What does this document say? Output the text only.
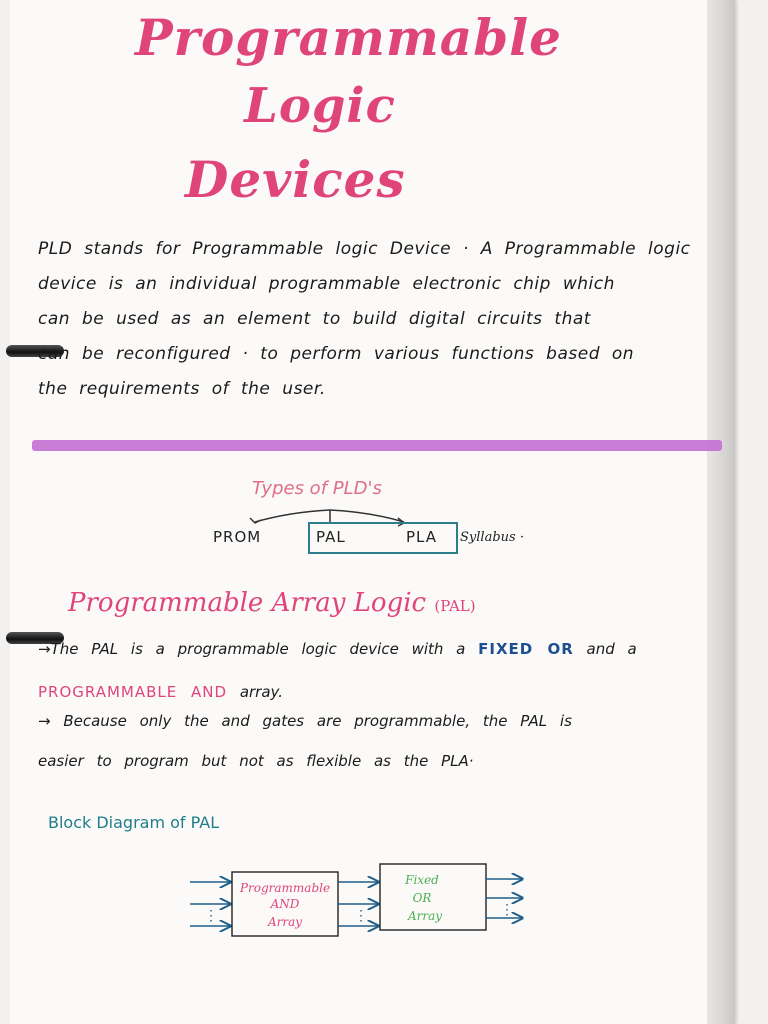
Programmable
Logic
Devices
PLD stands for Programmable logic Device · A Programmable logic
device is an individual programmable electronic chip which
can be used as an element to build digital circuits that
can be reconfigured · to perform various functions based on
the requirements of the user.
Types of PLD's
PROM	PAL	PLA Syllabus ·
Programmable Array Logic (PAL)
→The PAL is a programmable logic device with a FIXED OR and a
PROGRAMMABLE AND array.
→ Because only the and gates are programmable, the PAL is
easier to program but not as flexible as the PLA·
Block Diagram of PAL
⋮	⋮	⋮
Programmable
AND
Array
Fixed
OR
Array
